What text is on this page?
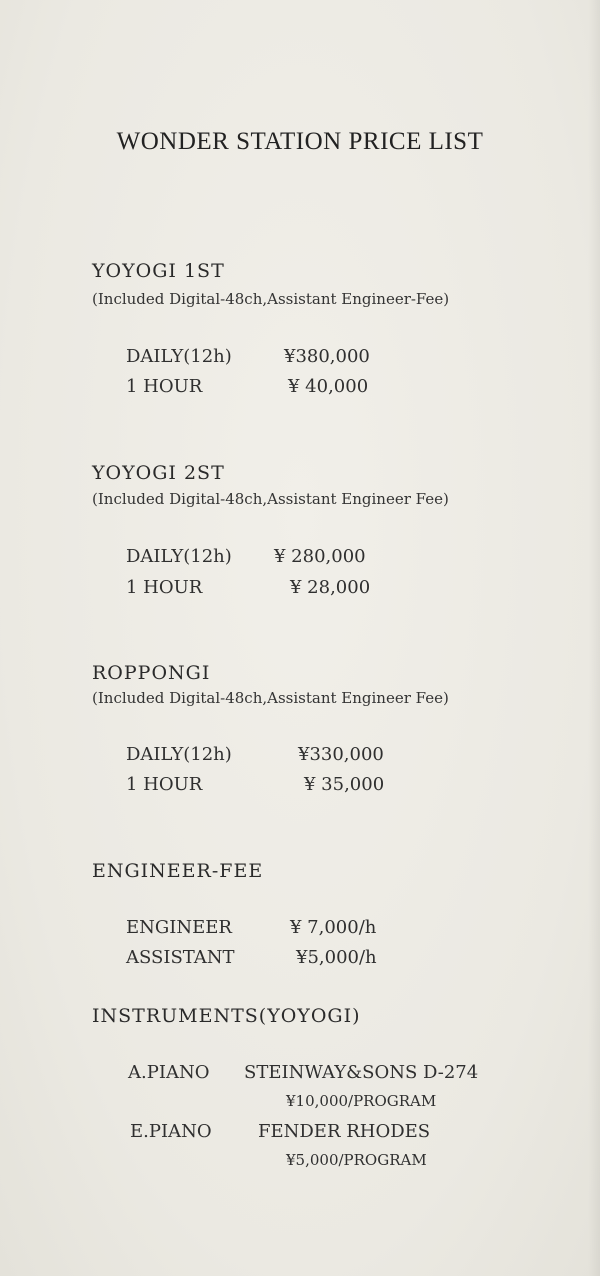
WONDER STATION PRICE LIST
YOYOGI 1ST
(Included Digital-48ch,Assistant Engineer-Fee)
DAILY(12h)	¥380,000
1 HOUR	¥ 40,000
YOYOGI 2ST
(Included Digital-48ch,Assistant Engineer Fee)
DAILY(12h) ¥ 280,000
1 HOUR	¥ 28,000
ROPPONGI
(Included Digital-48ch,Assistant Engineer Fee)
DAILY(12h)	¥330,000
1 HOUR	¥ 35,000
ENGINEER-FEE
ENGINEER	¥ 7,000/h
ASSISTANT	¥5,000/h
INSTRUMENTS(YOYOGI)
A.PIANO STEINWAY&SONS D-274
¥10,000/PROGRAM
E.PIANO	FENDER RHODES
¥5,000/PROGRAM
